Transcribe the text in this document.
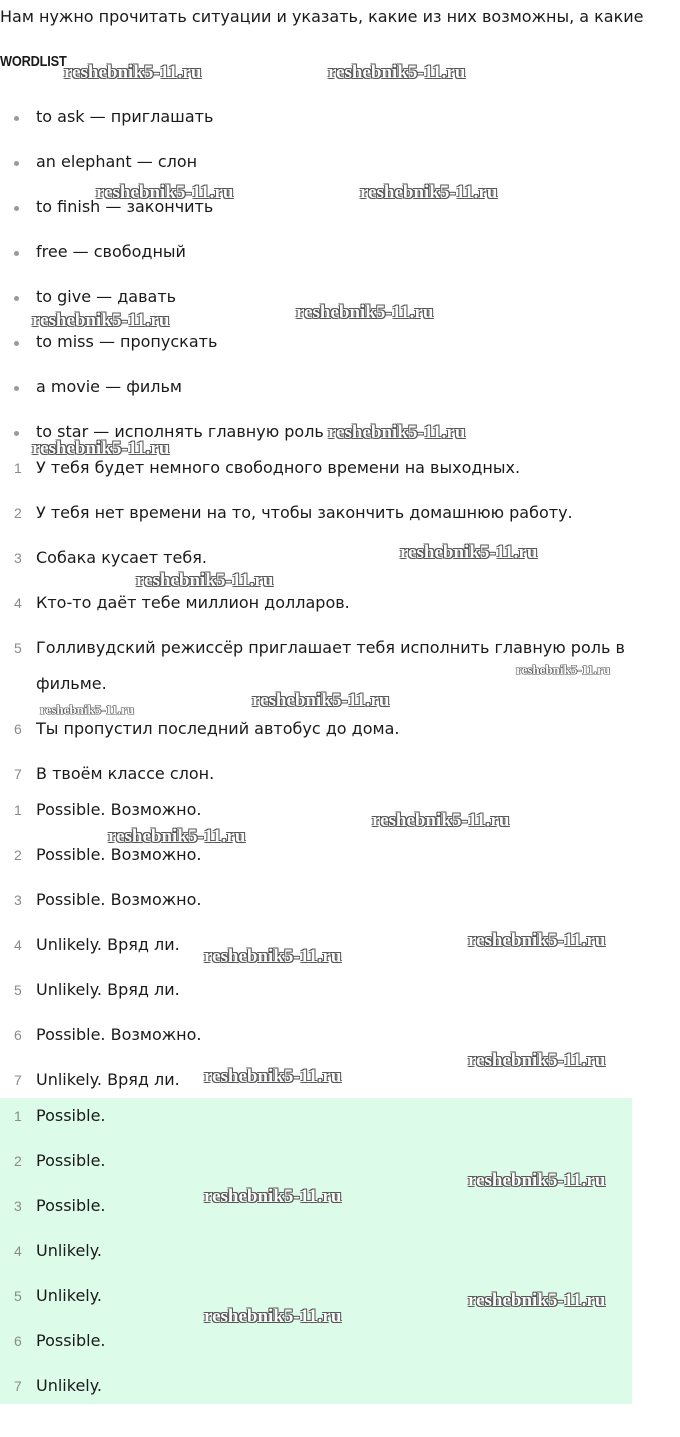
Нам нужно прочитать ситуации и указать, какие из них возможны, а какие
WORDLIST
to ask — приглашать
an elephant — слон
to finish — закончить
free — свободный
to give — давать
to miss — пропускать
a movie — фильм
to star — исполнять главную роль
1 У тебя будет немного свободного времени на выходных.
2 У тебя нет времени на то, чтобы закончить домашнюю работу.
3 Собака кусает тебя.
4 Кто-то даёт тебе миллион долларов.
5 Голливудский режиссёр приглашает тебя исполнить главную роль в
фильме.
6 Ты пропустил последний автобус до дома.
7 В твоём классе слон.
1 Possible. Возможно.
2 Possible. Возможно.
3 Possible. Возможно.
4 Unlikely. Вряд ли.
5 Unlikely. Вряд ли.
6 Possible. Возможно.
7 Unlikely. Вряд ли.
1 Possible.
2 Possible.
3 Possible.
4 Unlikely.
5 Unlikely.
6 Possible.
7 Unlikely.
reshebnik5-11.ru	reshebnik5-11.ru
reshebnik5-11.ru	reshebnik5-11.ru
reshebnik5-11.ru	reshebnik5-11.ru
reshebnik5-11.ru
reshebnik5-11.ru
reshebnik5-11.ru
reshebnik5-11.ru
reshebnik5-11.ru
reshebnik5-11.ru
reshebnik5-11.ru
reshebnik5-11.ru
reshebnik5-11.ru
reshebnik5-11.ru
reshebnik5-11.ru
reshebnik5-11.ru
reshebnik5-11.ru
reshebnik5-11.ru
reshebnik5-11.ru
reshebnik5-11.ru
reshebnik5-11.ru
